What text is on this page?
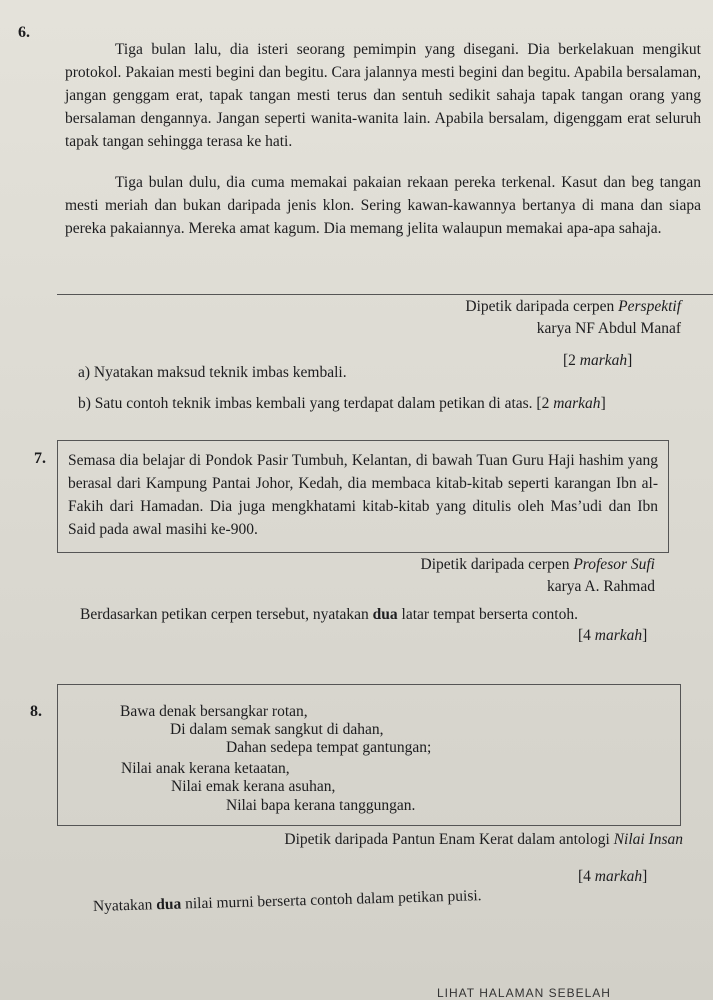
6.

Tiga bulan lalu, dia isteri seorang pemimpin yang disegani. Dia berkelakuan mengikut protokol. Pakaian mesti begini dan begitu. Cara jalannya mesti begini dan begitu. Apabila bersalaman, jangan genggam erat, tapak tangan mesti terus dan sentuh sedikit sahaja tapak tangan orang yang bersalaman dengannya. Jangan seperti wanita-wanita lain. Apabila bersalam, digenggam erat seluruh tapak tangan sehingga terasa ke hati.

Tiga bulan dulu, dia cuma memakai pakaian rekaan pereka terkenal. Kasut dan beg tangan mesti meriah dan bukan daripada jenis klon. Sering kawan-kawannya bertanya di mana dan siapa pereka pakaiannya. Mereka amat kagum. Dia memang jelita walaupun memakai apa-apa sahaja.

Dipetik daripada cerpen Perspektif
karya NF Abdul Manaf
a) Nyatakan maksud teknik imbas kembali.
[2 markah]
b) Satu contoh teknik imbas kembali yang terdapat dalam petikan di atas. [2 markah]
7. Semasa dia belajar di Pondok Pasir Tumbuh, Kelantan, di bawah Tuan Guru Haji hashim yang berasal dari Kampung Pantai Johor, Kedah, dia membaca kitab-kitab seperti karangan Ibn al-Fakih dari Hamadan. Dia juga mengkhatami kitab-kitab yang ditulis oleh Mas’udi dan Ibn Said pada awal masihi ke-900.

Dipetik daripada cerpen Profesor Sufi
karya A. Rahmad
Berdasarkan petikan cerpen tersebut, nyatakan dua latar tempat berserta contoh.
[4 markah]
8.	Bawa denak bersangkar rotan,
Di dalam semak sangkut di dahan,
Dahan sedepa tempat gantungan;
Nilai anak kerana ketaatan,
Nilai emak kerana asuhan,
Nilai bapa kerana tanggungan.
Dipetik daripada Pantun Enam Kerat dalam antologi Nilai Insan
Nyatakan dua nilai murni berserta contoh dalam petikan puisi.
[4 markah]
LIHAT HALAMAN SEBELAH
